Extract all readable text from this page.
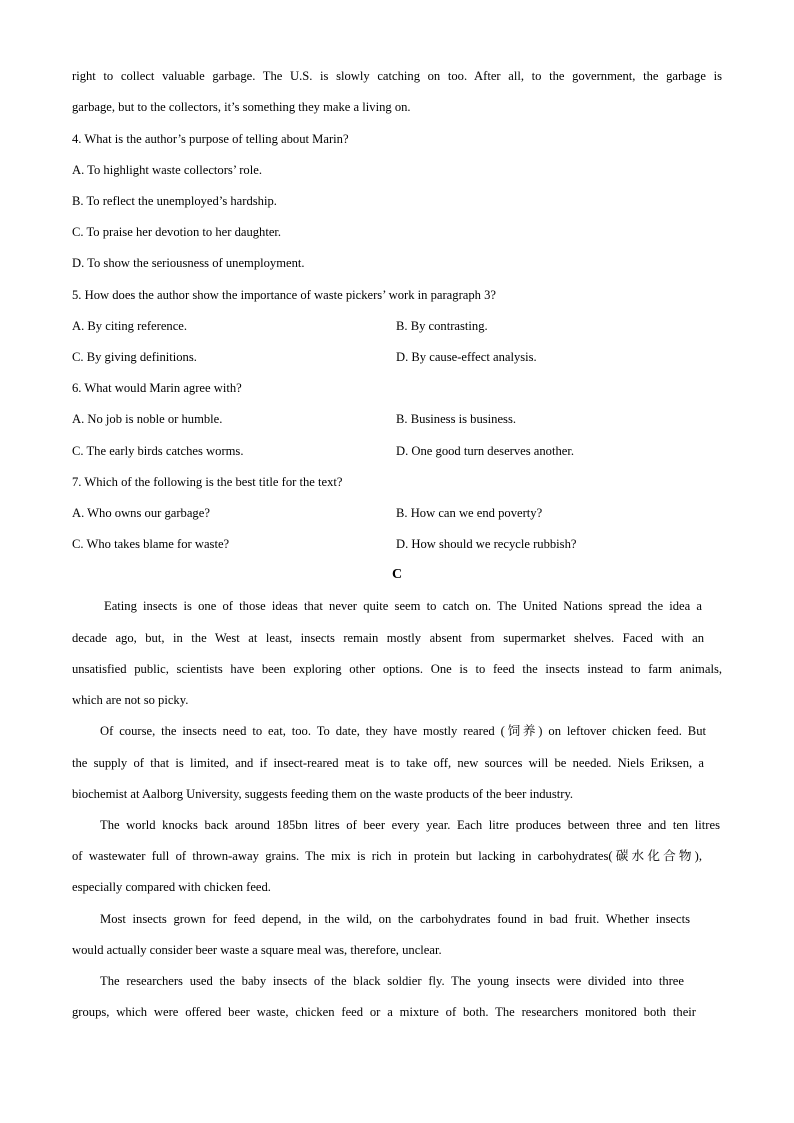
right to collect valuable garbage. The U.S. is slowly catching on too. After all, to the government, the garbage is
garbage, but to the collectors, it’s something they make a living on.
4. What is the author’s purpose of telling about Marin?
A. To highlight waste collectors’ role.
B. To reflect the unemployed’s hardship.
C. To praise her devotion to her daughter.
D. To show the seriousness of unemployment.
5. How does the author show the importance of waste pickers’ work in paragraph 3?
A. By citing reference.	B. By contrasting.
C. By giving definitions.	D. By cause-effect analysis.
6. What would Marin agree with?
A. No job is noble or humble.	B. Business is business.
C. The early birds catches worms.	D. One good turn deserves another.
7. Which of the following is the best title for the text?
A. Who owns our garbage?	B. How can we end poverty?
C. Who takes blame for waste?	D. How should we recycle rubbish?
C
Eating insects is one of those ideas that never quite seem to catch on. The United Nations spread the idea a
decade ago, but, in the West at least, insects remain mostly absent from supermarket shelves. Faced with an
unsatisfied public, scientists have been exploring other options. One is to feed the insects instead to farm animals,
which are not so picky.
Of course, the insects need to eat, too. To date, they have mostly reared (饲养) on leftover chicken feed. But
the supply of that is limited, and if insect-reared meat is to take off, new sources will be needed. Niels Eriksen, a
biochemist at Aalborg University, suggests feeding them on the waste products of the beer industry.
The world knocks back around 185bn litres of beer every year. Each litre produces between three and ten litres
of wastewater full of thrown-away grains. The mix is rich in protein but lacking in carbohydrates(碳水化合物),
especially compared with chicken feed.
Most insects grown for feed depend, in the wild, on the carbohydrates found in bad fruit. Whether insects
would actually consider beer waste a square meal was, therefore, unclear.
The researchers used the baby insects of the black soldier fly. The young insects were divided into three
groups, which were offered beer waste, chicken feed or a mixture of both. The researchers monitored both their
